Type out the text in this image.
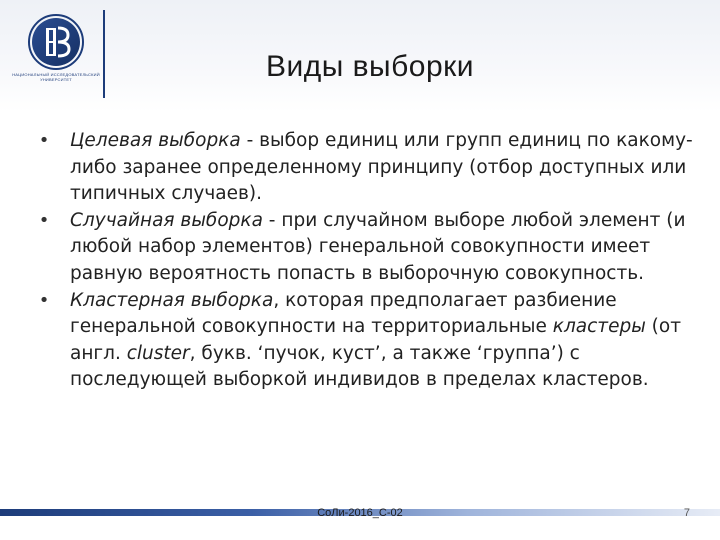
НАЦИОНАЛЬНЫЙ ИССЛЕДОВАТЕЛЬСКИЙ УНИВЕРСИТЕТ	Виды выборки

• Целевая выборка - выбор единиц или групп единиц по какому-либо заранее определенному принципу (отбор доступных или типичных случаев).

• Случайная выборка - при случайном выборе любой элемент (и любой набор элементов) генеральной совокупности имеет равную вероятность попасть в выборочную совокупность.

• Кластерная выборка, которая предполагает разбиение генеральной совокупности на территориальные кластеры (от англ. cluster, букв. ‘пучок, куст’, а также ‘группа’) с последующей выборкой индивидов в пределах кластеров.

СоЛи-2016_С-02	7
